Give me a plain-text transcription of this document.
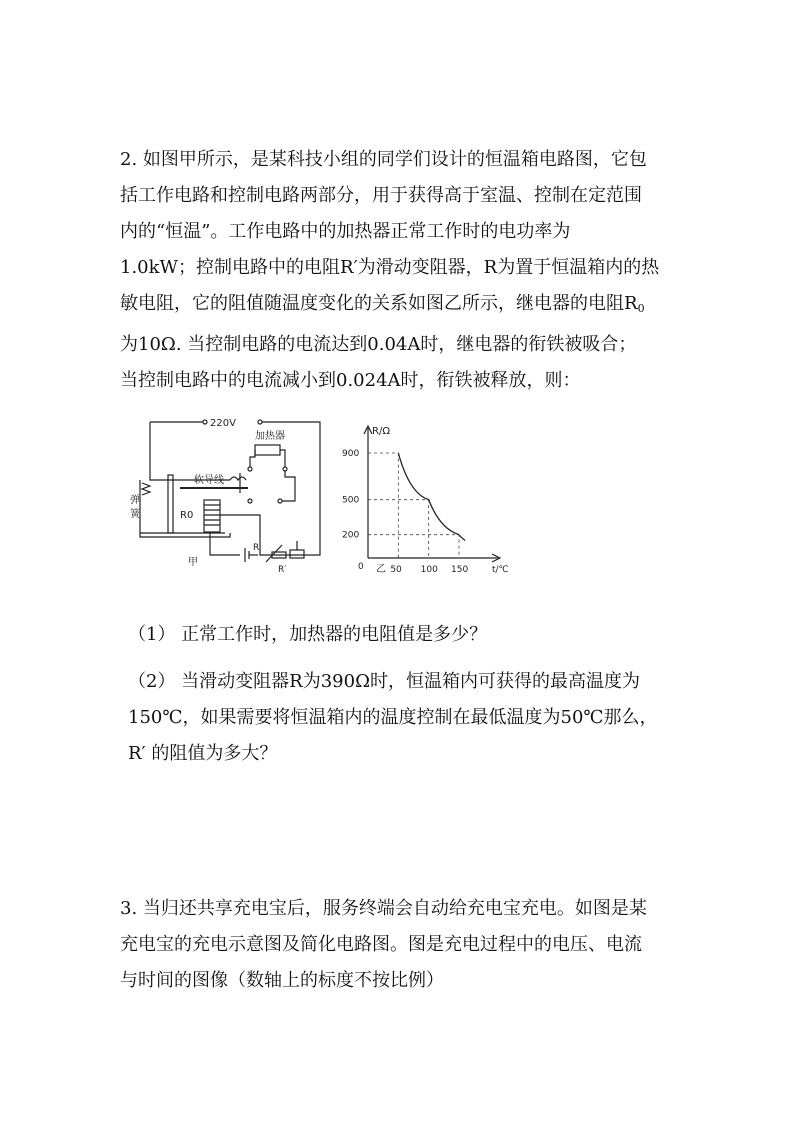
2. 如图甲所示，是某科技小组的同学们设计的恒温箱电路图，它包
括工作电路和控制电路两部分，用于获得高于室温、控制在定范围
内的“恒温”。工作电路中的加热器正常工作时的电功率为
1.0kW；控制电路中的电阻R′为滑动变阻器，R为置于恒温箱内的热
敏电阻，它的阻值随温度变化的关系如图乙所示，继电器的电阻$R_0$
为10Ω. 当控制电路的电流达到0.04A时，继电器的衔铁被吸合；
当控制电路中的电流减小到0.024A时，衔铁被释放，则：
220V
加热器
软导线
弹
簧	R0
甲
R
R′	50 100 150
200
500
900
乙
0
R/Ω
t/℃

（1） 正常工作时，加热器的电阻值是多少？

（2） 当滑动变阻器R为390Ω时，恒温箱内可获得的最高温度为
150℃，如果需要将恒温箱内的温度控制在最低温度为50℃那么，
R′ 的阻值为多大？
3. 当归还共享充电宝后，服务终端会自动给充电宝充电。如图是某
充电宝的充电示意图及简化电路图。图是充电过程中的电压、电流
与时间的图像（数轴上的标度不按比例）
